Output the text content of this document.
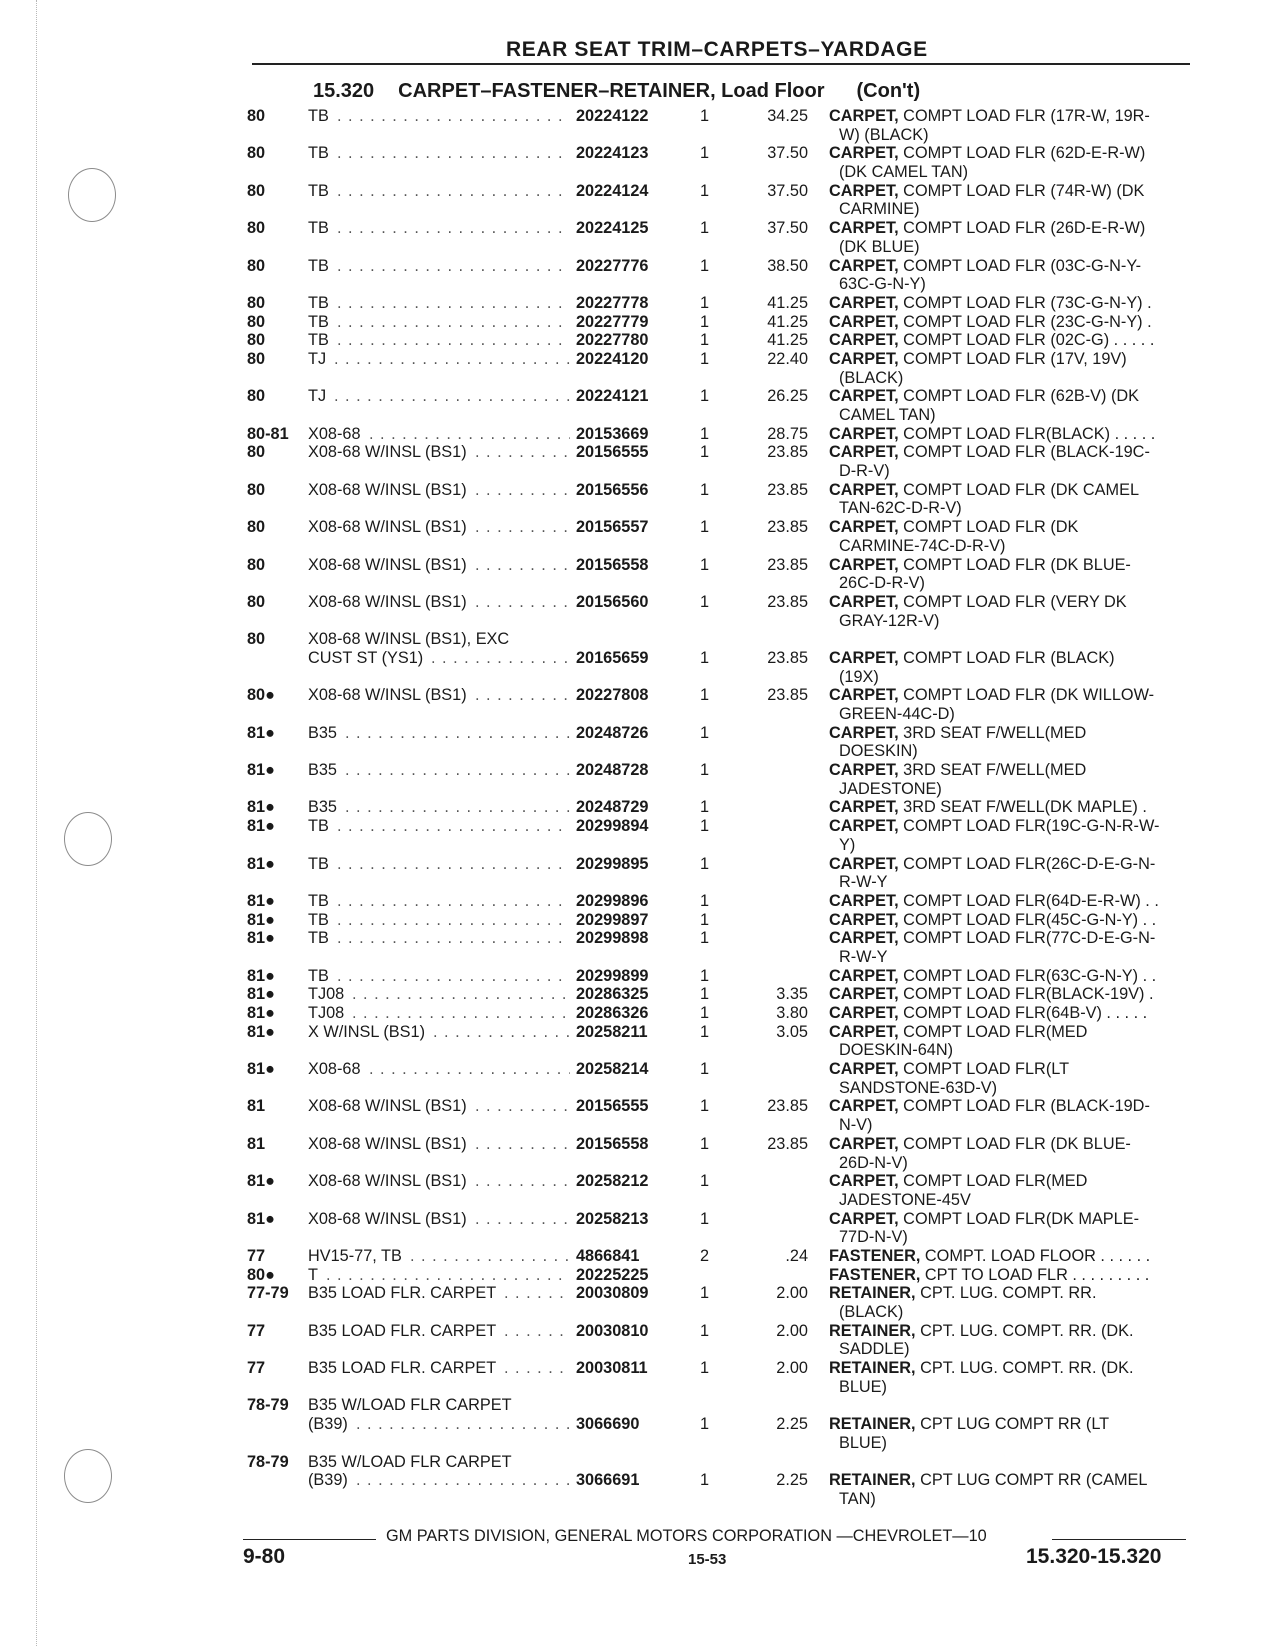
REAR SEAT TRIM–CARPETS–YARDAGE
15.320 CARPET–FASTENER–RETAINER, Load Floor (Con't)
80	TB	20224122 . . .	1	34.25 CARPET, COMPT LOAD FLR (17R-W, 19R-
W) (BLACK)
80	TB	20224123 . . .	1	37.50 CARPET, COMPT LOAD FLR (62D-E-R-W)
(DK CAMEL TAN)
80	TB	20224124 . . .	1	37.50 CARPET, COMPT LOAD FLR (74R-W) (DK
CARMINE)
80	TB	20224125 . . .	1	37.50 CARPET, COMPT LOAD FLR (26D-E-R-W)
(DK BLUE)
80	TB	20227776 . . .	1	38.50 CARPET, COMPT LOAD FLR (03C-G-N-Y-
63C-G-N-Y)
80	TB	20227778 . . .	1	41.25 CARPET, COMPT LOAD FLR (73C-G-N-Y) .
80	TB	20227779 . . .	1	41.25 CARPET, COMPT LOAD FLR (23C-G-N-Y) .
80	TB	20227780 . . .	1	41.25 CARPET, COMPT LOAD FLR (02C-G) . . . . .
80	TJ	20224120 . . .	1	22.40 CARPET, COMPT LOAD FLR (17V, 19V)
(BLACK)
80	TJ	20224121 . . .	1	26.25 CARPET, COMPT LOAD FLR (62B-V) (DK
CAMEL TAN)
80-81 X08-68	20153669 . . .	1	28.75 CARPET, COMPT LOAD FLR(BLACK) . . . . .
80	X08-68 W/INSL (BS1)	20156555 . . .	1	23.85 CARPET, COMPT LOAD FLR (BLACK-19C-
D-R-V)
80	X08-68 W/INSL (BS1)	20156556 . . .	1	23.85 CARPET, COMPT LOAD FLR (DK CAMEL
TAN-62C-D-R-V)
80	X08-68 W/INSL (BS1)	20156557 . . .	1	23.85 CARPET, COMPT LOAD FLR (DK
CARMINE-74C-D-R-V)
80	X08-68 W/INSL (BS1)	20156558 . . .	1	23.85 CARPET, COMPT LOAD FLR (DK BLUE-
26C-D-R-V)
80	X08-68 W/INSL (BS1)	20156560 . . .	1	23.85 CARPET, COMPT LOAD FLR (VERY DK
GRAY-12R-V)
80	X08-68 W/INSL (BS1), EXC
CUST ST (YS1)	20165659 . . .	1	23.85 CARPET, COMPT LOAD FLR (BLACK)
(19X)
80● X08-68 W/INSL (BS1)	20227808 . . .	1	23.85 CARPET, COMPT LOAD FLR (DK WILLOW-
GREEN-44C-D)
81● B35	20248726 . . .	1	CARPET, 3RD SEAT F/WELL(MED
DOESKIN)
81● B35	20248728 . . .	1	CARPET, 3RD SEAT F/WELL(MED
JADESTONE)
81● B35	20248729 . . .	1	CARPET, 3RD SEAT F/WELL(DK MAPLE) .
81● TB	20299894 . . .	1	CARPET, COMPT LOAD FLR(19C-G-N-R-W-
Y)
81● TB	20299895 . . .	1	CARPET, COMPT LOAD FLR(26C-D-E-G-N-
R-W-Y
81● TB	20299896 . . .	1	CARPET, COMPT LOAD FLR(64D-E-R-W) . .
81● TB	20299897 . . .	1	CARPET, COMPT LOAD FLR(45C-G-N-Y) . .
81● TB	20299898 . . .	1	CARPET, COMPT LOAD FLR(77C-D-E-G-N-
R-W-Y
81● TB	20299899 . . .	1	CARPET, COMPT LOAD FLR(63C-G-N-Y) . .
81● TJ08	20286325 . . .	1	3.35 CARPET, COMPT LOAD FLR(BLACK-19V) .
81● TJ08	20286326 . . .	1	3.80 CARPET, COMPT LOAD FLR(64B-V) . . . . .
81● X W/INSL (BS1)	20258211 . . .	1	3.05 CARPET, COMPT LOAD FLR(MED
DOESKIN-64N)
81● X08-68	20258214 . . .	1	CARPET, COMPT LOAD FLR(LT
SANDSTONE-63D-V)
81	X08-68 W/INSL (BS1)	20156555 . . .	1	23.85 CARPET, COMPT LOAD FLR (BLACK-19D-
N-V)
81	X08-68 W/INSL (BS1)	20156558 . . .	1	23.85 CARPET, COMPT LOAD FLR (DK BLUE-
26D-N-V)
81● X08-68 W/INSL (BS1)	20258212 . . .	1	CARPET, COMPT LOAD FLR(MED
JADESTONE-45V
81● X08-68 W/INSL (BS1)	20258213 . . .	1	CARPET, COMPT LOAD FLR(DK MAPLE-
77D-N-V)
77	HV15-77, TB	4866841 . . .	2	.24 FASTENER, COMPT. LOAD FLOOR . . . . . .
80● T	20225225 . . .	FASTENER, CPT TO LOAD FLR . . . . . . . . .
77-79 B35 LOAD FLR. CARPET	20030809 . . .	1	2.00 RETAINER, CPT. LUG. COMPT. RR.
(BLACK)
77	B35 LOAD FLR. CARPET	20030810 . . .	1	2.00 RETAINER, CPT. LUG. COMPT. RR. (DK.
SADDLE)
77	B35 LOAD FLR. CARPET	20030811 . . .	1	2.00 RETAINER, CPT. LUG. COMPT. RR. (DK.
BLUE)
78-79 B35 W/LOAD FLR CARPET
(B39)	3066690 . . .	1	2.25 RETAINER, CPT LUG COMPT RR (LT
BLUE)
78-79 B35 W/LOAD FLR CARPET
(B39)	3066691 . . .	1	2.25 RETAINER, CPT LUG COMPT RR (CAMEL
TAN)
GM PARTS DIVISION, GENERAL MOTORS CORPORATION —CHEVROLET—10
9-80	15-53	15.320-15.320
